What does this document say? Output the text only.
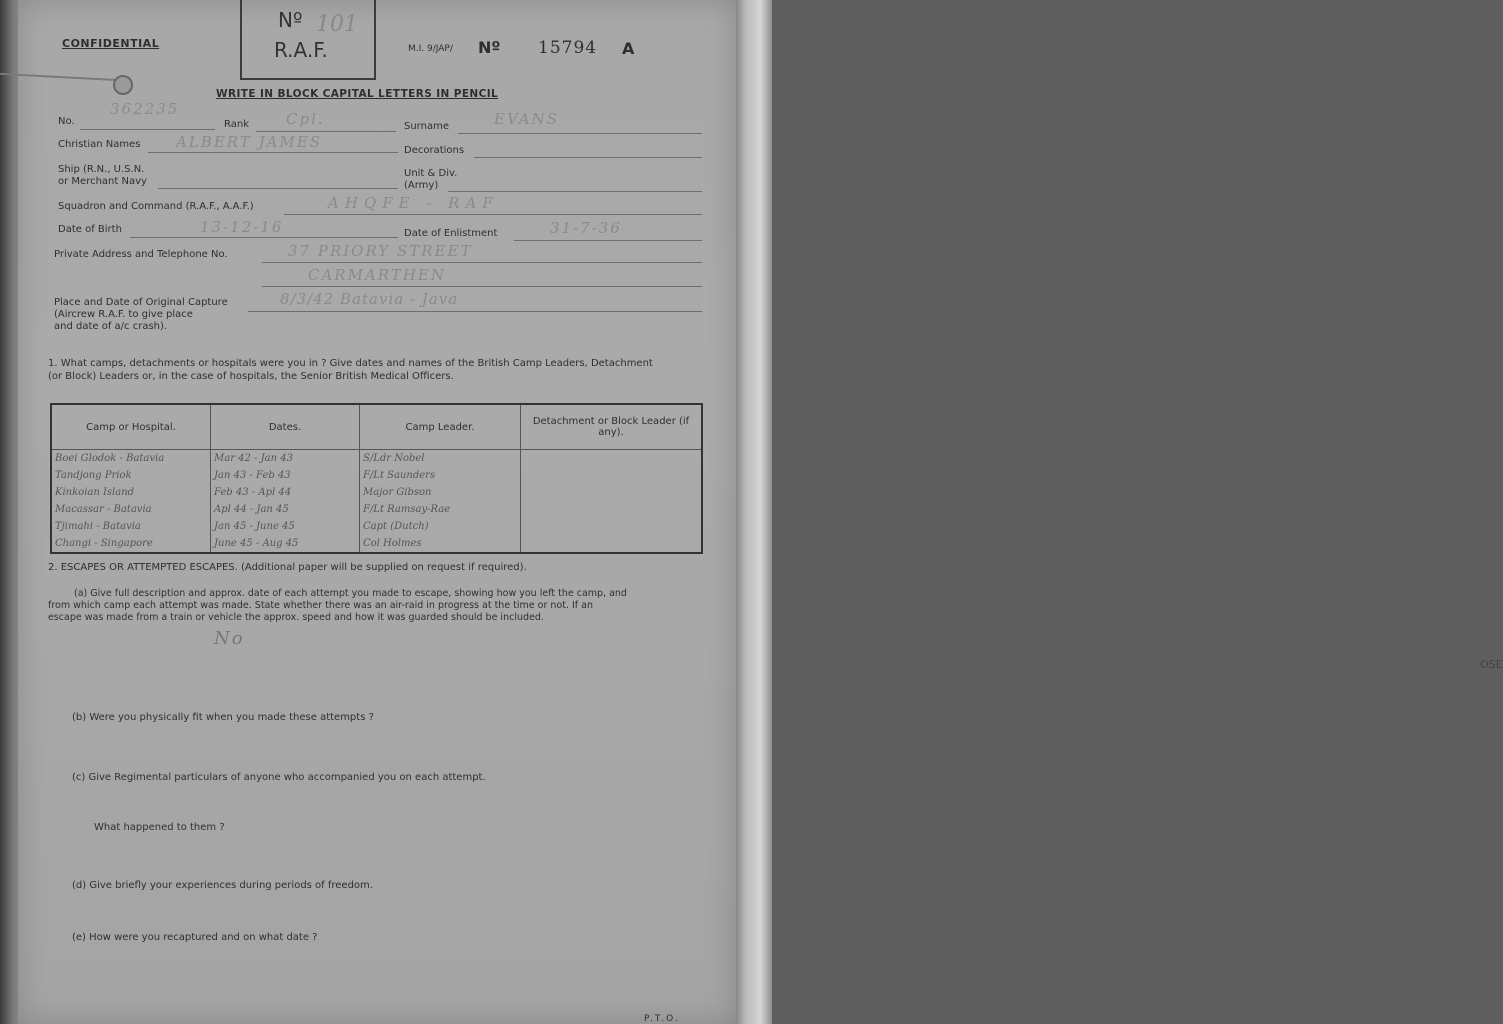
OSE
CONFIDENTIAL
Nº
R.A.F.
101
M.I. 9/JAP/ Nº 15794 A
WRITE IN BLOCK CAPITAL LETTERS IN PENCIL
No.
362235
Rank Cpl.	Surname	EVANS
Christian Names ALBERT JAMES	Decorations
Ship (R.N., U.S.N.
or Merchant Navy
Unit & Div.
(Army)
Squadron and Command (R.A.F., A.A.F.)	AHQFE - RAF
Date of Birth	13-12-16	Date of Enlistment	31-7-36
Private Address and Telephone No.	37 PRIORY STREET
CARMARTHEN
Place and Date of Original Capture
(Aircrew R.A.F. to give place
and date of a/c crash).
8/3/42 Batavia - Java
1. What camps, detachments or hospitals were you in ? Give dates and names of the British Camp Leaders, Detachment
(or Block) Leaders or, in the case of hospitals, the Senior British Medical Officers.
Camp or Hospital.	Dates.	Camp Leader.	Detachment or Block Leader (if any).
Boei Glodok - Batavia	Mar 42 - Jan 43	S/Ldr Nobel	
Tandjong Priok	Jan 43 - Feb 43	F/Lt Saunders	
Kinkoian Island	Feb 43 - Apl 44	Major Gibson	
Macassar - Batavia	Apl 44 - Jan 45	F/Lt Ramsay-Rae	
Tjimahi - Batavia	Jan 45 - June 45	Capt (Dutch)	
Changi - Singapore	June 45 - Aug 45	Col Holmes	
2. ESCAPES OR ATTEMPTED ESCAPES. (Additional paper will be supplied on request if required).
(a) Give full description and approx. date of each attempt you made to escape, showing how you left the camp, and
from which camp each attempt was made. State whether there was an air-raid in progress at the time or not. If an
escape was made from a train or vehicle the approx. speed and how it was guarded should be included.
No
(b) Were you physically fit when you made these attempts ?
(c) Give Regimental particulars of anyone who accompanied you on each attempt.
What happened to them ?
(d) Give briefly your experiences during periods of freedom.
(e) How were you recaptured and on what date ?
P.T.O.
